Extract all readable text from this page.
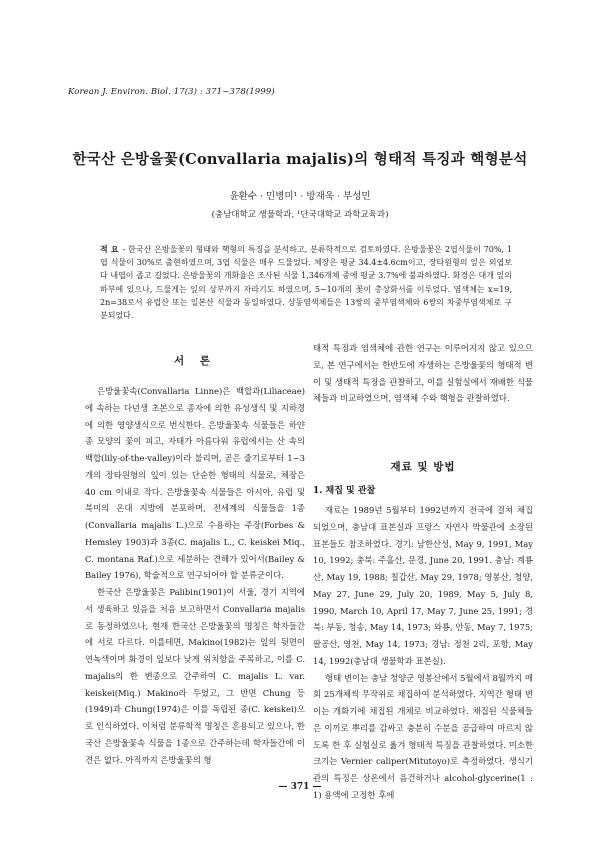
Korean J. Environ. Biol. 17(3) : 371~378(1999)
한국산 은방울꽃(Convallaria majalis)의 형태적 특징과 핵형분석
윤환수 · 민병미¹ · 방재욱 · 부성민
(충남대학교 생물학과, ¹단국대학교 과학교육과)
적 요 - 한국산 은방울꽃의 형태와 핵형의 특징을 분석하고, 분류학적으로 검토하였다. 은방울꽃은 2엽식물이 70%, 1엽 식물이 30%로 출현하였으며, 3엽 식물은 매우 드물었다. 체장은 평균 34.4±4.6cm이고, 장타원형의 잎은 외엽보다 내엽이 좁고 길었다. 은방울꽃의 개화율은 조사된 식물 1,346개체 중에 평균 3.7%에 불과하였다. 화경은 대개 잎의 하부에 있으나, 드물게는 잎의 상부까지 자라기도 하였으며, 5~10개의 꽃이 총상화서를 이루었다. 염색체는 x=19, 2n=38로서 유럽산 또는 일본산 식물과 동일하였다. 상동염색체들은 13쌍의 중부염색체와 6쌍의 차중부염색체로 구분되었다.
서 론

은방울꽃속(Convallaria Linne)은 백합과(Liliaceae)에 속하는 다년생 초본으로 종자에 의한 유성생식 및 지하경에 의한 영양생식으로 번식한다. 은방울꽃속 식물들은 하얀 종 모양의 꽃이 피고, 자태가 아름다워 유럽에서는 산 속의 백합(lily-of-the-valley)이라 불리며, 곧은 줄기로부터 1~3개의 장타원형의 잎이 있는 단순한 형태의 식물로, 체장은 40 cm 이내로 작다. 은방울꽃속 식물들은 아시아, 유럽 및 북미의 온대 지방에 분포하며, 전세계의 식물들을 1종(Convallaria majalis L.)으로 수용하는 주장(Forbes & Hemsley 1903)과 3종(C. majalis L., C. keiskei Miq., C. montana Raf.)으로 세분하는 견해가 있어서(Bailey & Bailey 1976), 학술적으로 연구되어야 할 분류군이다.

한국산 은방울꽃은 Palibin(1901)이 서울, 경기 지역에서 생육하고 있음을 처음 보고하면서 Convallaria majalis로 동정하였으나, 현재 한국산 은방울꽃의 명칭은 학자들간에 서로 다르다. 이를테면, Makino(1982)는 잎의 뒷면이 연녹색이며 화경이 잎보다 낮게 위치함을 주목하고, 이를 C. majalis의 한 변종으로 간주하여 C. majalis L. var. keiskei(Miq.) Makino라 두었고, 그 반면 Chung 등(1949)과 Chung(1974)은 이를 독립된 종(C. keiskei)으로 인식하였다. 이처럼 분류학적 명칭은 혼용되고 있으나, 한국산 은방울꽃속 식물을 1종으로 간주하는데 학자들간에 이견은 없다. 아직까지 은방울꽃의 형

태적 특징과 염색체에 관한 연구는 이루어지지 않고 있으므로, 본 연구에서는 한반도에 자생하는 은방울꽃의 형태적 변이 및 생태적 특징을 관찰하고, 이를 실험실에서 재배한 식물체들과 비교하였으며, 염색체 수와 핵형을 관찰하였다.

재료 및 방법
1. 채집 및 관찰

재료는 1989년 5월부터 1992년까지 전국에 걸쳐 채집되었으며, 충남대 표본실과 프랑스 자연사 박물관에 소장된 표본들도 참조하였다. 경기: 남한산성, May 9, 1991, May 10, 1992; 충북: 주흘산, 문경, June 20, 1991. 충남: 계룡산, May 19, 1988; 칠갑산, May 29, 1978; 영봉산, 청양, May 27, June 29, July 20, 1989, May 5, July 8, 1990, March 10, April 17, May 7, June 25, 1991; 경북: 부동, 청송, May 14, 1973; 와룡, 안동, May 7, 1975; 팔공산, 영천, May 14, 1973; 경남: 정천 2리, 포항, May 14, 1992(충남대 생물학과 표본실).

형태 변이는 충남 청양군 영봉산에서 5월에서 8월까지 매회 25개체씩 무작위로 채집하여 분석하였다. 지역간 형태 변이는 개화기에 채집된 개체로 비교하였다. 채집된 식물체들은 이끼로 뿌리를 감싸고 충분히 수분을 공급하여 마르지 않도록 한 후 실험실로 옮겨 형태적 특징을 관찰하였다. 미소한 크기는 Vernier caliper(Mitutoyo)로 측정하였다. 생식기관의 특징은 상온에서 음건하거나 alcohol-glycerine(1 : 1) 용액에 고정한 후에

— 371 —
